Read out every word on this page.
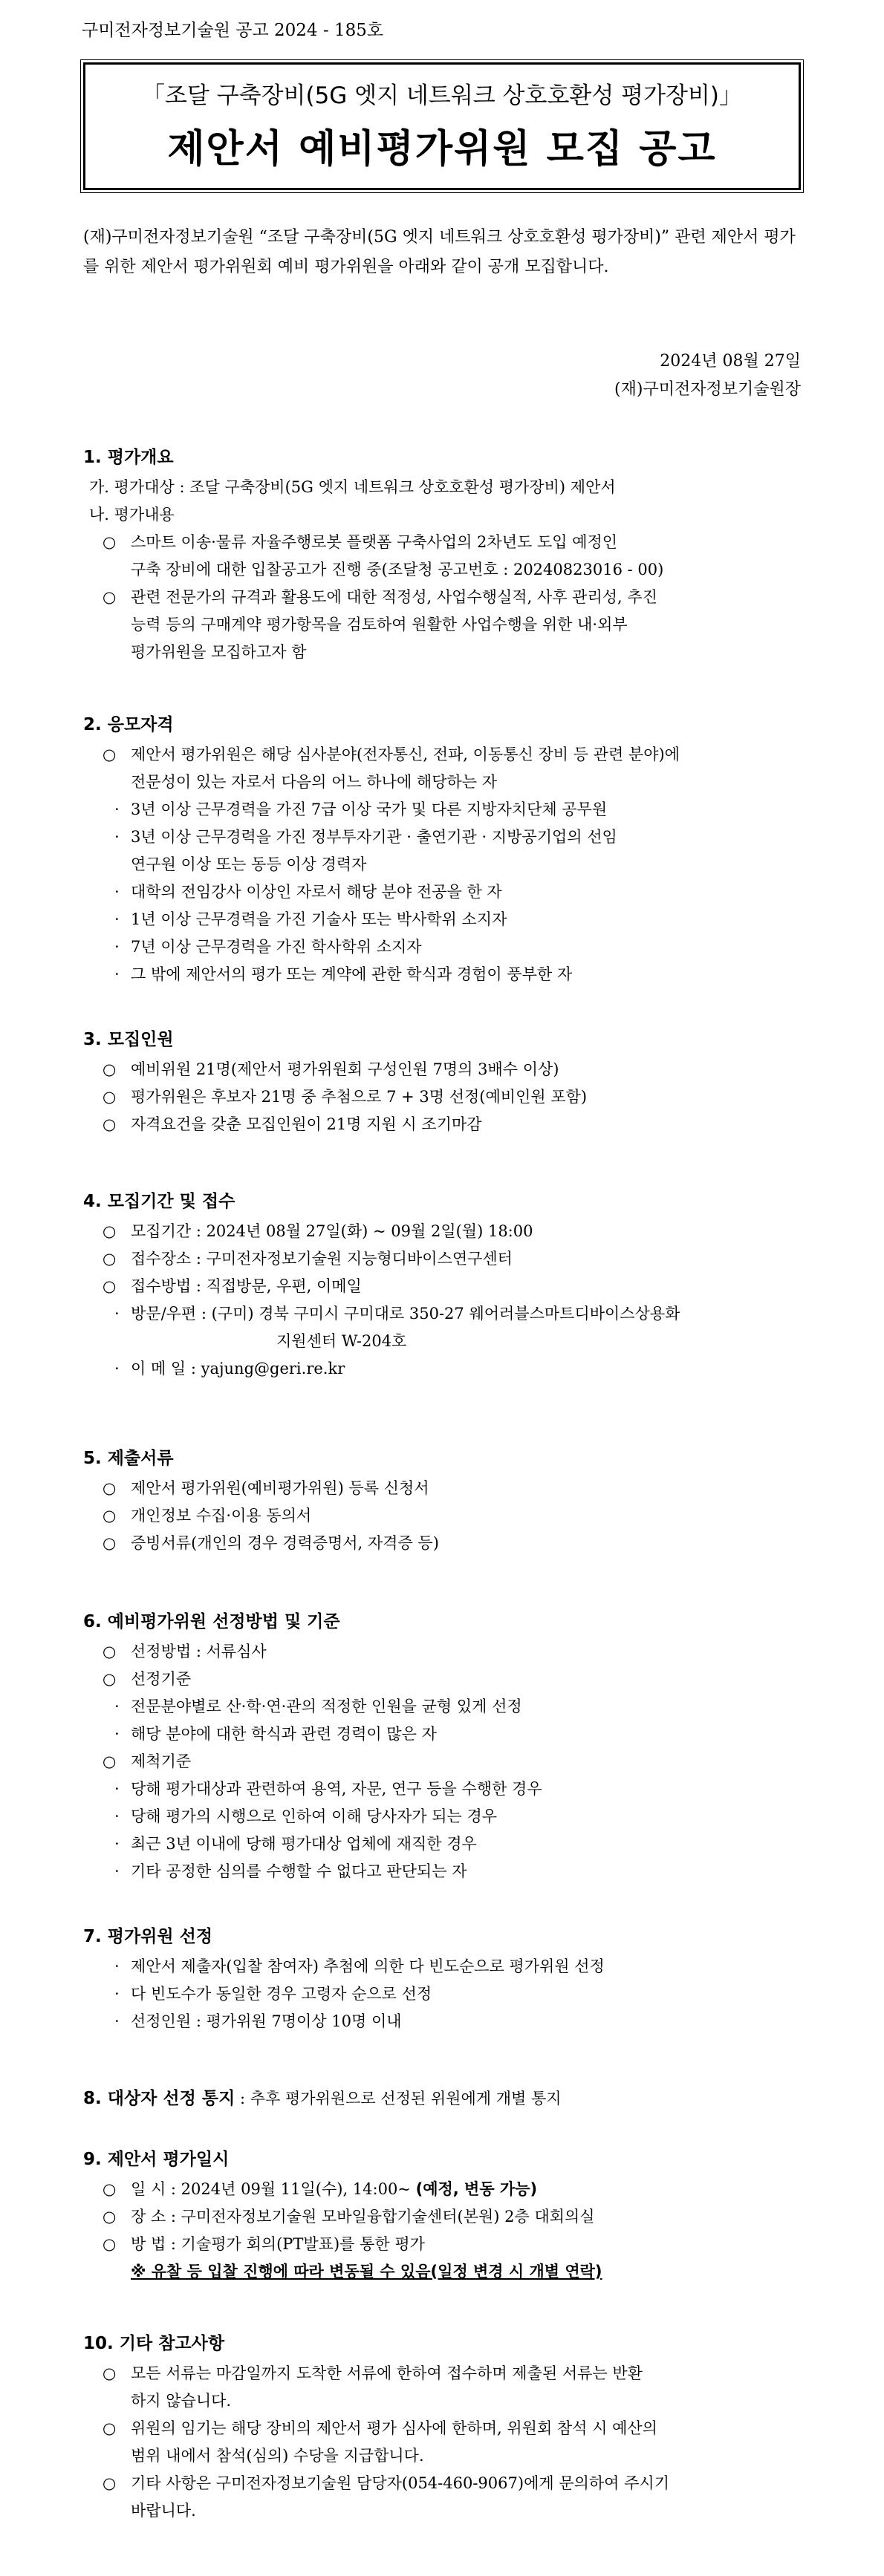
구미전자정보기술원 공고 2024 - 185호
「조달 구축장비(5G 엣지 네트워크 상호호환성 평가장비)」
제안서 예비평가위원 모집 공고
(재)구미전자정보기술원 “조달 구축장비(5G 엣지 네트워크 상호호환성 평가장비)” 관련 제안서 평가를 위한 제안서 평가위원회 예비 평가위원을 아래와 같이 공개 모집합니다.
2024년 08월 27일
(재)구미전자정보기술원장
1. 평가개요
가. 평가대상 : 조달 구축장비(5G 엣지 네트워크 상호호환성 평가장비) 제안서
나. 평가내용
○ 스마트 이송·물류 자율주행로봇 플랫폼 구축사업의 2차년도 도입 예정인
구축 장비에 대한 입찰공고가 진행 중(조달청 공고번호 : 20240823016 - 00)
○ 관련 전문가의 규격과 활용도에 대한 적정성, 사업수행실적, 사후 관리성, 추진
능력 등의 구매계약 평가항목을 검토하여 원활한 사업수행을 위한 내·외부
평가위원을 모집하고자 함
2. 응모자격
○ 제안서 평가위원은 해당 심사분야(전자통신, 전파, 이동통신 장비 등 관련 분야)에
전문성이 있는 자로서 다음의 어느 하나에 해당하는 자
· 3년 이상 근무경력을 가진 7급 이상 국가 및 다른 지방자치단체 공무원
· 3년 이상 근무경력을 가진 정부투자기관 · 출연기관 · 지방공기업의 선임
연구원 이상 또는 동등 이상 경력자
· 대학의 전임강사 이상인 자로서 해당 분야 전공을 한 자
· 1년 이상 근무경력을 가진 기술사 또는 박사학위 소지자
· 7년 이상 근무경력을 가진 학사학위 소지자
· 그 밖에 제안서의 평가 또는 계약에 관한 학식과 경험이 풍부한 자
3. 모집인원
○ 예비위원 21명(제안서 평가위원회 구성인원 7명의 3배수 이상)
○ 평가위원은 후보자 21명 중 추첨으로 7 + 3명 선정(예비인원 포함)
○ 자격요건을 갖춘 모집인원이 21명 지원 시 조기마감
4. 모집기간 및 접수
○ 모집기간 : 2024년 08월 27일(화) ~ 09월 2일(월) 18:00
○ 접수장소 : 구미전자정보기술원 지능형디바이스연구센터
○ 접수방법 : 직접방문, 우편, 이메일
· 방문/우편 : (구미) 경북 구미시 구미대로 350-27 웨어러블스마트디바이스상용화
지원센터 W-204호
· 이 메 일 : yajung@geri.re.kr
5. 제출서류
○ 제안서 평가위원(예비평가위원) 등록 신청서
○ 개인정보 수집·이용 동의서
○ 증빙서류(개인의 경우 경력증명서, 자격증 등)
6. 예비평가위원 선정방법 및 기준
○ 선정방법 : 서류심사
○ 선정기준
· 전문분야별로 산·학·연·관의 적정한 인원을 균형 있게 선정
· 해당 분야에 대한 학식과 관련 경력이 많은 자
○ 제척기준
· 당해 평가대상과 관련하여 용역, 자문, 연구 등을 수행한 경우
· 당해 평가의 시행으로 인하여 이해 당사자가 되는 경우
· 최근 3년 이내에 당해 평가대상 업체에 재직한 경우
· 기타 공정한 심의를 수행할 수 없다고 판단되는 자
7. 평가위원 선정
· 제안서 제출자(입찰 참여자) 추첨에 의한 다 빈도순으로 평가위원 선정
· 다 빈도수가 동일한 경우 고령자 순으로 선정
· 선정인원 : 평가위원 7명이상 10명 이내
8. 대상자 선정 통지 : 추후 평가위원으로 선정된 위원에게 개별 통지
9. 제안서 평가일시
○ 일 시 : 2024년 09월 11일(수), 14:00~ (예정, 변동 가능)
○ 장 소 : 구미전자정보기술원 모바일융합기술센터(본원) 2층 대회의실
○ 방 법 : 기술평가 회의(PT발표)를 통한 평가
※ 유찰 등 입찰 진행에 따라 변동될 수 있음(일정 변경 시 개별 연락)
10. 기타 참고사항
○ 모든 서류는 마감일까지 도착한 서류에 한하여 접수하며 제출된 서류는 반환
하지 않습니다.
○ 위원의 임기는 해당 장비의 제안서 평가 심사에 한하며, 위원회 참석 시 예산의
범위 내에서 참석(심의) 수당을 지급합니다.
○ 기타 사항은 구미전자정보기술원 담당자(054-460-9067)에게 문의하여 주시기
바랍니다.
